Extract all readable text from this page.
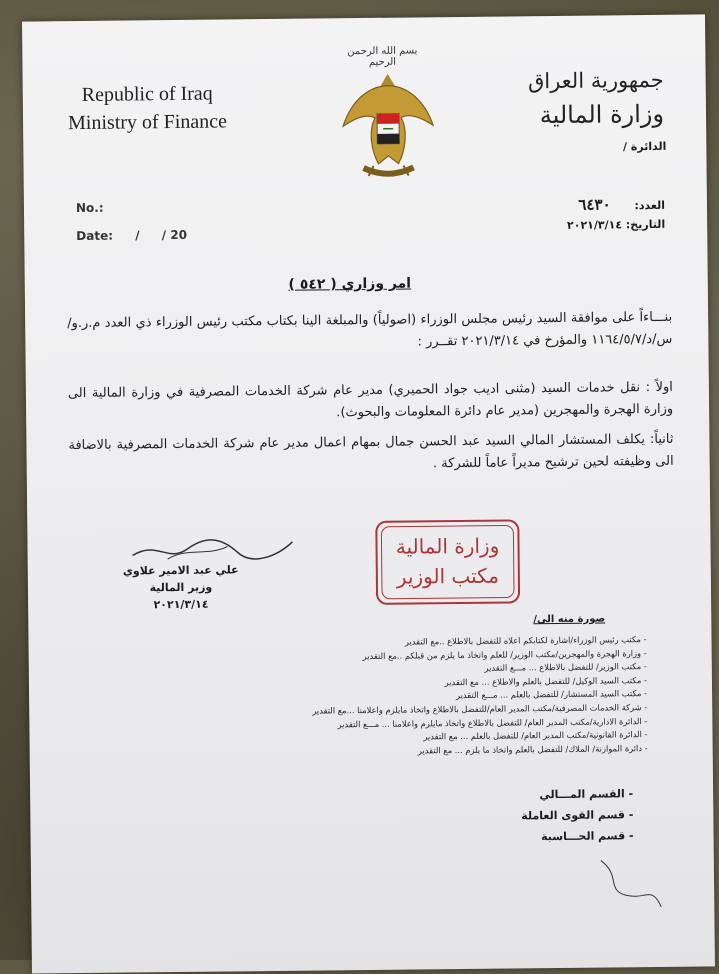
Republic of Iraq
Ministry of Finance
بسم الله الرحمن الرحيم
جمهورية العراق
وزارة المالية
الدائرة /
No.:
Date: / / 20
العدد: ٦٤٣٠
التاريخ: ٢٠٢١/٣/١٤
امر وزاري ( ٥٤٢ )
بنـــاءاً على موافقة السيد رئيس مجلس الوزراء (اصولياً) والمبلغة الينا بكتاب مكتب رئيس الوزراء ذي العدد م.ر.و/س/د/١١٦٤/٥/٧ والمؤرخ في ٢٠٢١/٣/١٤ تقــرر :
اولاً : نقل خدمات السيد (مثنى اديب جواد الحميري) مدير عام شركة الخدمات المصرفية في وزارة المالية الى وزارة الهجرة والمهجرين (مدير عام دائرة المعلومات والبحوث).
ثانياً: يكلف المستشار المالي السيد عبد الحسن جمال بمهام اعمال مدير عام شركة الخدمات المصرفية بالاضافة الى وظيفته لحين ترشيح مديراً عاماً للشركة .
علي عبد الامير علاوي
وزير المالية
٢٠٢١/٣/١٤
وزارة المالية
مكتب الوزير
صورة منه الى/
- مكتب رئيس الوزراء/اشارة لكتابكم اعلاه للتفضل بالاطلاع ..مع التقدير
- وزارة الهجرة والمهجرين/مكتب الوزير/ للعلم واتخاذ ما يلزم من قبلكم ..مع التقدير
- مكتب الوزير/ للتفضل بالاطلاع ... مـــع التقدير
- مكتب السيد الوكيل/ للتفضل بالعلم والاطلاع ... مع التقدير
- مكتب السيد المستشار/ للتفضل بالعلم ... مـــع التقدير
- شركة الخدمات المصرفية/مكتب المدير العام/للتفضل بالاطلاع واتخاذ مايلزم واعلامنا ...مع التقدير
- الدائرة الادارية/مكتب المدير العام/ للتفضل بالاطلاع واتخاذ مايلزم واعلامنا ... مـــع التقدير
- الدائرة القانونية/مكتب المدير العام/ للتفضل بالعلم ... مع التقدير
- دائرة الموازنة/ الملاك/ للتفضل بالعلم واتخاذ ما يلزم ... مع التقدير
- القسم المـــالي
- قسم القوى العاملة
- قسم الحـــاسبة
